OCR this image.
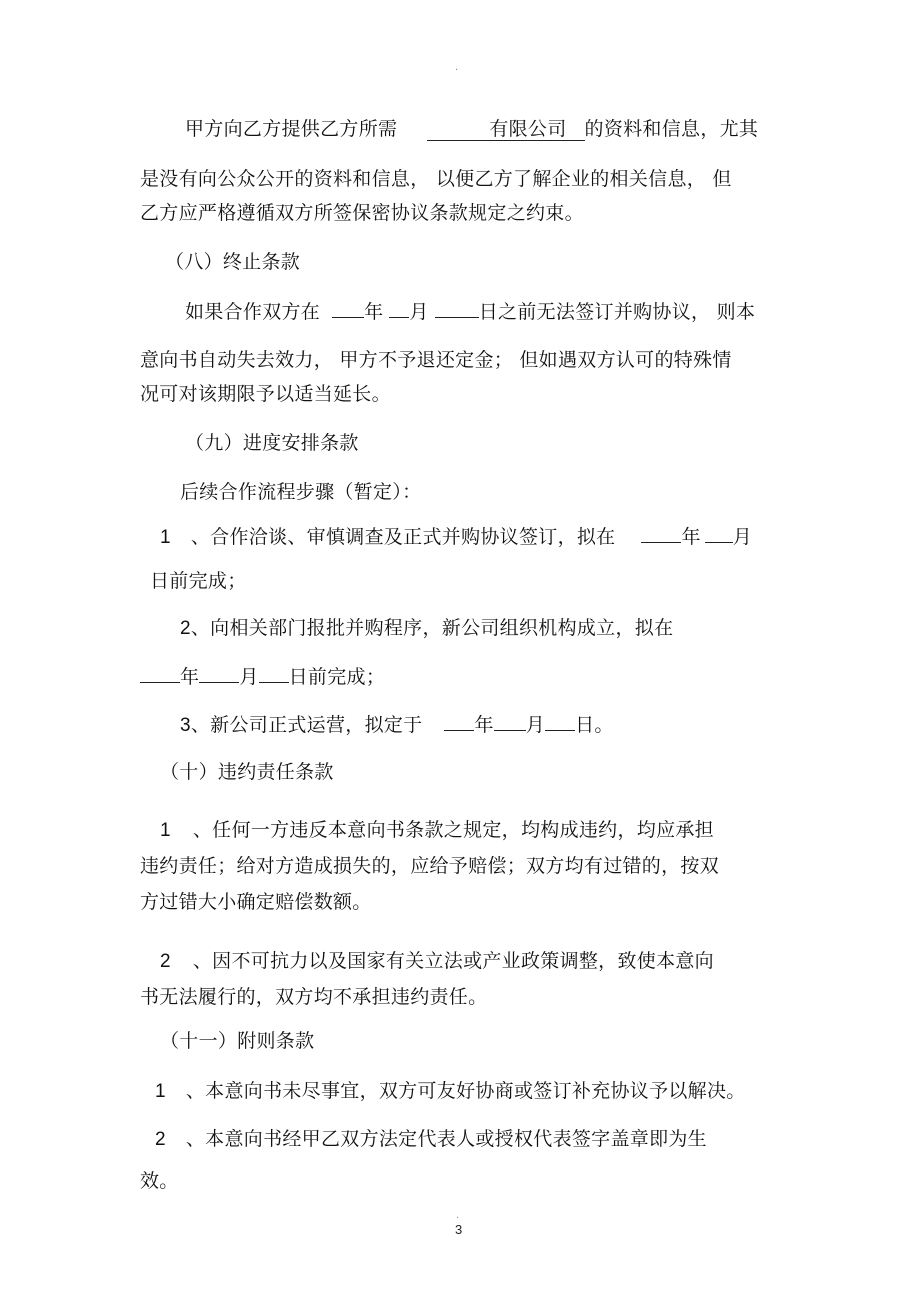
.
甲方向乙方提供乙方所需	有限公司 的资料和信息，尤其
是没有向公众公开的资料和信息， 以便乙方了解企业的相关信息， 但
乙方应严格遵循双方所签保密协议条款规定之约束。
（八）终止条款
如果合作双方在 年 月	日之前无法签订并购协议， 则本
意向书自动失去效力， 甲方不予退还定金； 但如遇双方认可的特殊情
况可对该期限予以适当延长。
（九）进度安排条款
后续合作流程步骤（暂定）：
1 、合作洽谈、审慎调查及正式并购协议签订，拟在	年 月
日前完成；
2、向相关部门报批并购程序，新公司组织机构成立，拟在
年 月 日前完成；
3、新公司正式运营，拟定于	年 月 日。
（十）违约责任条款
1 、任何一方违反本意向书条款之规定，均构成违约，均应承担
违约责任；给对方造成损失的，应给予赔偿；双方均有过错的，按双
方过错大小确定赔偿数额。
2 、因不可抗力以及国家有关立法或产业政策调整，致使本意向
书无法履行的，双方均不承担违约责任。
（十一）附则条款
1 、本意向书未尽事宜，双方可友好协商或签订补充协议予以解决。
2 、本意向书经甲乙双方法定代表人或授权代表签字盖章即为生
效。
.
3
